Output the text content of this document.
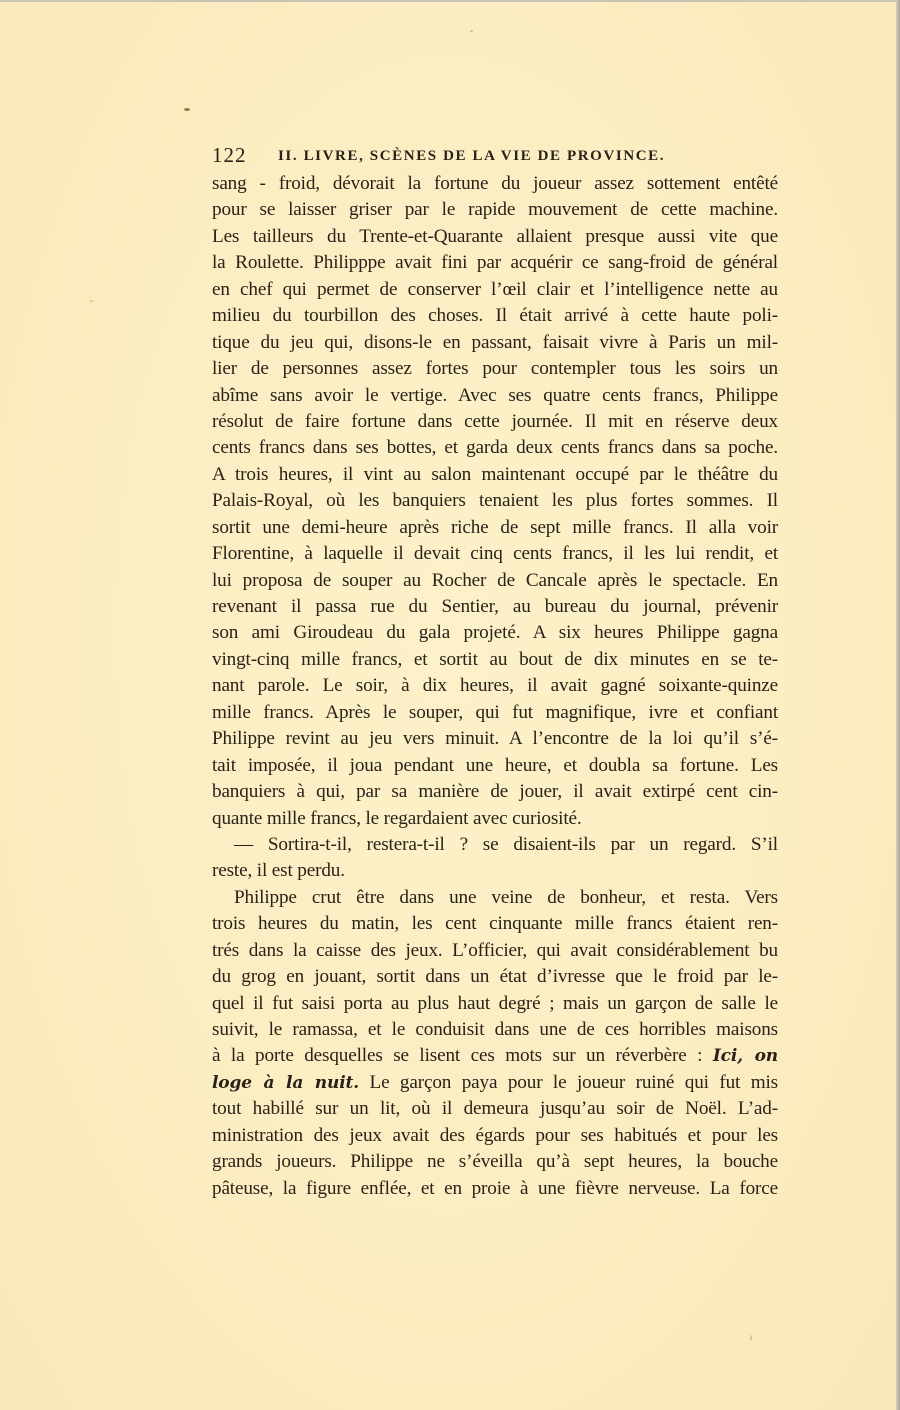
122 II. LIVRE, SCÈNES DE LA VIE DE PROVINCE.
sang - froid, dévorait la fortune du joueur assez sottement entêté
pour se laisser griser par le rapide mouvement de cette machine.
Les tailleurs du Trente-et-Quarante allaient presque aussi vite que
la Roulette. Philipppe avait fini par acquérir ce sang-froid de général
en chef qui permet de conserver l’œil clair et l’intelligence nette au
milieu du tourbillon des choses. Il était arrivé à cette haute poli-
tique du jeu qui, disons-le en passant, faisait vivre à Paris un mil-
lier de personnes assez fortes pour contempler tous les soirs un
abîme sans avoir le vertige. Avec ses quatre cents francs, Philippe
résolut de faire fortune dans cette journée. Il mit en réserve deux
cents francs dans ses bottes, et garda deux cents francs dans sa poche.
A trois heures, il vint au salon maintenant occupé par le théâtre du
Palais-Royal, où les banquiers tenaient les plus fortes sommes. Il
sortit une demi-heure après riche de sept mille francs. Il alla voir
Florentine, à laquelle il devait cinq cents francs, il les lui rendit, et
lui proposa de souper au Rocher de Cancale après le spectacle. En
revenant il passa rue du Sentier, au bureau du journal, prévenir
son ami Giroudeau du gala projeté. A six heures Philippe gagna
vingt-cinq mille francs, et sortit au bout de dix minutes en se te-
nant parole. Le soir, à dix heures, il avait gagné soixante-quinze
mille francs. Après le souper, qui fut magnifique, ivre et confiant
Philippe revint au jeu vers minuit. A l’encontre de la loi qu’il s’é-
tait imposée, il joua pendant une heure, et doubla sa fortune. Les
banquiers à qui, par sa manière de jouer, il avait extirpé cent cin-
quante mille francs, le regardaient avec curiosité.
— Sortira-t-il, restera-t-il ? se disaient-ils par un regard. S’il
reste, il est perdu.
Philippe crut être dans une veine de bonheur, et resta. Vers
trois heures du matin, les cent cinquante mille francs étaient ren-
trés dans la caisse des jeux. L’officier, qui avait considérablement bu
du grog en jouant, sortit dans un état d’ivresse que le froid par le-
quel il fut saisi porta au plus haut degré ; mais un garçon de salle le
suivit, le ramassa, et le conduisit dans une de ces horribles maisons
à la porte desquelles se lisent ces mots sur un réverbère : Ici, on
loge à la nuit. Le garçon paya pour le joueur ruiné qui fut mis
tout habillé sur un lit, où il demeura jusqu’au soir de Noël. L’ad-
ministration des jeux avait des égards pour ses habitués et pour les
grands joueurs. Philippe ne s’éveilla qu’à sept heures, la bouche
pâteuse, la figure enflée, et en proie à une fièvre nerveuse. La force
